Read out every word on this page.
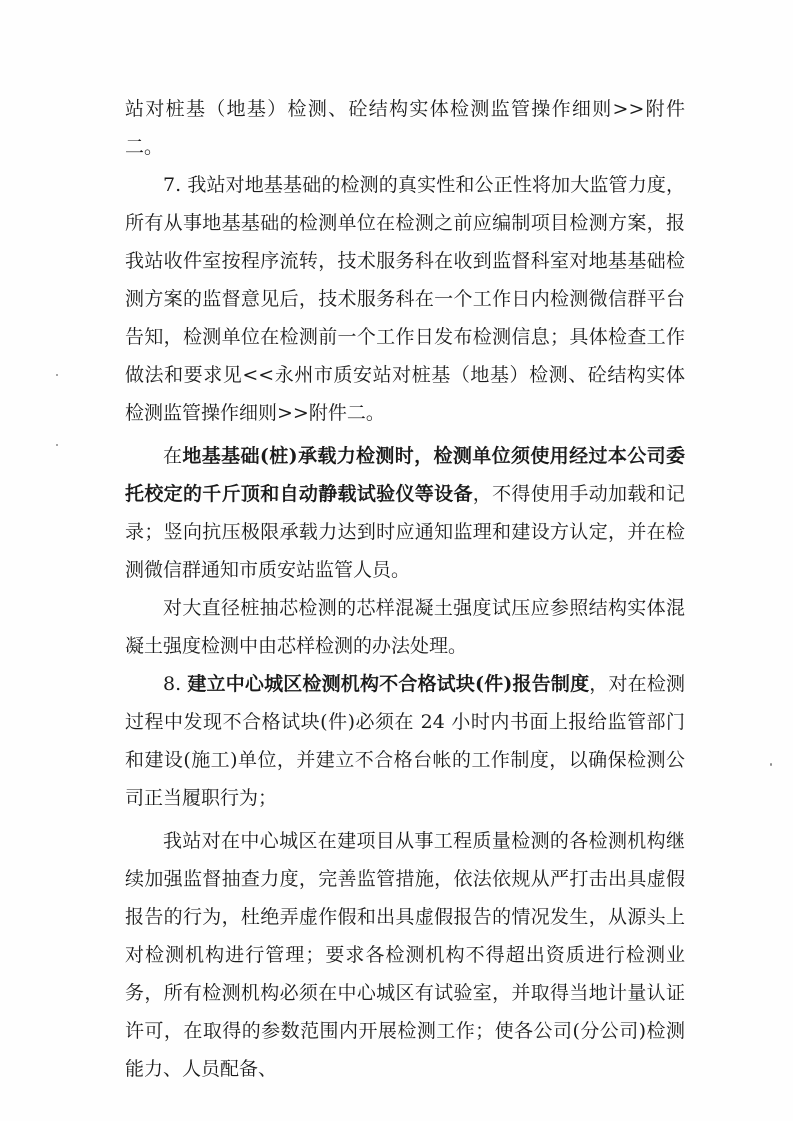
站对桩基（地基）检测、砼结构实体检测监管操作细则>>附件二。

7. 我站对地基基础的检测的真实性和公正性将加大监管力度，所有从事地基基础的检测单位在检测之前应编制项目检测方案，报我站收件室按程序流转，技术服务科在收到监督科室对地基基础检测方案的监督意见后，技术服务科在一个工作日内检测微信群平台告知，检测单位在检测前一个工作日发布检测信息；具体检查工作做法和要求见<<永州市质安站对桩基（地基）检测、砼结构实体检测监管操作细则>>附件二。

在地基基础(桩)承载力检测时，检测单位须使用经过本公司委托校定的千斤顶和自动静载试验仪等设备，不得使用手动加载和记录；竖向抗压极限承载力达到时应通知监理和建设方认定，并在检测微信群通知市质安站监管人员。

对大直径桩抽芯检测的芯样混凝土强度试压应参照结构实体混凝土强度检测中由芯样检测的办法处理。

8. 建立中心城区检测机构不合格试块(件)报告制度，对在检测过程中发现不合格试块(件)必须在 24 小时内书面上报给监管部门和建设(施工)单位，并建立不合格台帐的工作制度，以确保检测公司正当履职行为；

我站对在中心城区在建项目从事工程质量检测的各检测机构继续加强监督抽查力度，完善监管措施，依法依规从严打击出具虚假报告的行为，杜绝弄虚作假和出具虚假报告的情况发生，从源头上对检测机构进行管理；要求各检测机构不得超出资质进行检测业务，所有检测机构必须在中心城区有试验室，并取得当地计量认证许可，在取得的参数范围内开展检测工作；使各公司(分公司)检测能力、人员配备、
